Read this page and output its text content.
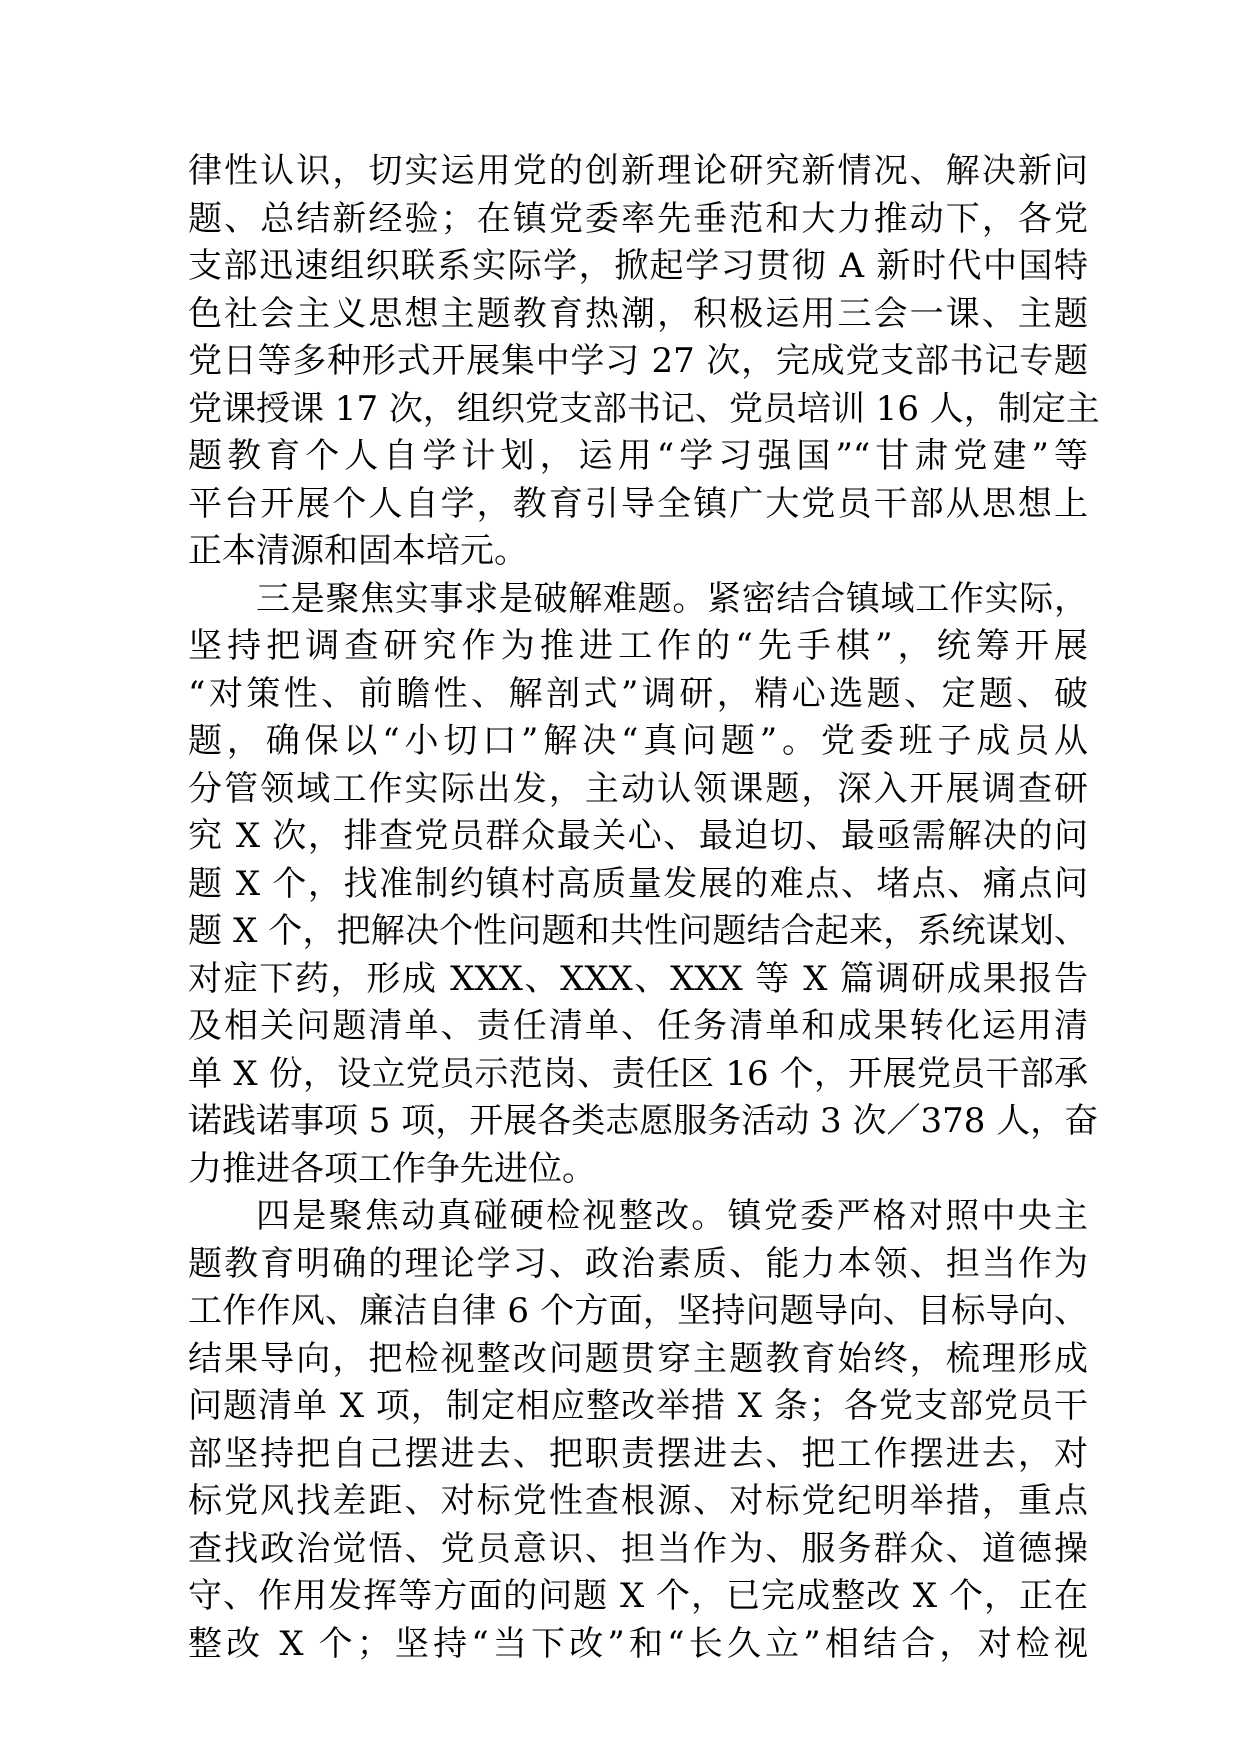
律性认识，切实运用党的创新理论研究新情况、解决新问
题、总结新经验；在镇党委率先垂范和大力推动下，各党
支部迅速组织联系实际学，掀起学习贯彻 A 新时代中国特
色社会主义思想主题教育热潮，积极运用三会一课、主题
党日等多种形式开展集中学习 27 次，完成党支部书记专题
党课授课 17 次，组织党支部书记、党员培训 16 人，制定主
题教育个人自学计划，运用“学习强国”“甘肃党建”等
平台开展个人自学，教育引导全镇广大党员干部从思想上
正本清源和固本培元。
三是聚焦实事求是破解难题。紧密结合镇域工作实际，
坚持把调查研究作为推进工作的“先手棋”，统筹开展
“对策性、前瞻性、解剖式”调研，精心选题、定题、破
题，确保以“小切口”解决“真问题”。党委班子成员从
分管领域工作实际出发，主动认领课题，深入开展调查研
究 X 次，排查党员群众最关心、最迫切、最亟需解决的问
题 X 个，找准制约镇村高质量发展的难点、堵点、痛点问
题 X 个，把解决个性问题和共性问题结合起来，系统谋划、
对症下药，形成 XXX、XXX、XXX 等 X 篇调研成果报告
及相关问题清单、责任清单、任务清单和成果转化运用清
单 X 份，设立党员示范岗、责任区 16 个，开展党员干部承
诺践诺事项 5 项，开展各类志愿服务活动 3 次／378 人，奋
力推进各项工作争先进位。
四是聚焦动真碰硬检视整改。镇党委严格对照中央主
题教育明确的理论学习、政治素质、能力本领、担当作为
工作作风、廉洁自律 6 个方面，坚持问题导向、目标导向、
结果导向，把检视整改问题贯穿主题教育始终，梳理形成
问题清单 X 项，制定相应整改举措 X 条；各党支部党员干
部坚持把自己摆进去、把职责摆进去、把工作摆进去，对
标党风找差距、对标党性查根源、对标党纪明举措，重点
查找政治觉悟、党员意识、担当作为、服务群众、道德操
守、作用发挥等方面的问题 X 个，已完成整改 X 个，正在
整改 X 个；坚持“当下改”和“长久立”相结合，对检视
